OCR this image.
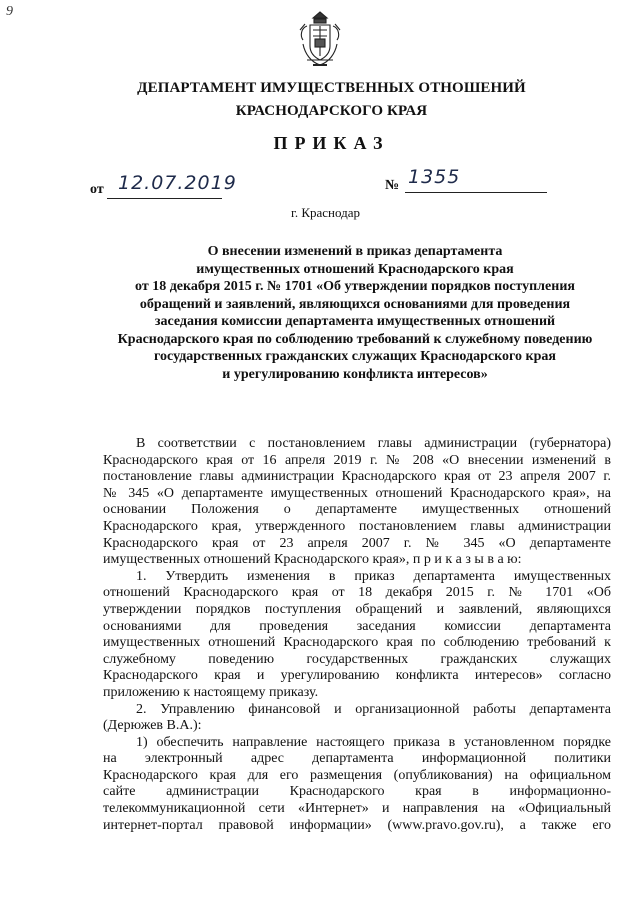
9
ДЕПАРТАМЕНТ ИМУЩЕСТВЕННЫХ ОТНОШЕНИЙ
КРАСНОДАРСКОГО КРАЯ
ПРИКАЗ
от 12.07.2019	№ 1355
г. Краснодар
О внесении изменений в приказ департамента
имущественных отношений Краснодарского края
от 18 декабря 2015 г. № 1701 «Об утверждении порядков поступления
обращений и заявлений, являющихся основаниями для проведения
заседания комиссии департамента имущественных отношений
Краснодарского края по соблюдению требований к служебному поведению
государственных гражданских служащих Краснодарского края
и урегулированию конфликта интересов»
В соответствии с постановлением главы администрации (губернатора)
Краснодарского края от 16 апреля 2019 г. № 208 «О внесении изменений в
постановление главы администрации Краснодарского края от 23 апреля 2007 г.
№ 345 «О департаменте имущественных отношений Краснодарского края», на
основании Положения о департаменте имущественных отношений
Краснодарского края, утвержденного постановлением главы администрации
Краснодарского края от 23 апреля 2007 г. № 345 «О департаменте
имущественных отношений Краснодарского края», п р и к а з ы в а ю:
1. Утвердить изменения в приказ департамента имущественных
отношений Краснодарского края от 18 декабря 2015 г. № 1701 «Об
утверждении порядков поступления обращений и заявлений, являющихся
основаниями для проведения заседания комиссии департамента
имущественных отношений Краснодарского края по соблюдению требований к
служебному поведению государственных гражданских служащих
Краснодарского края и урегулированию конфликта интересов» согласно
приложению к настоящему приказу.
2. Управлению финансовой и организационной работы департамента
(Дерюжев В.А.):
1) обеспечить направление настоящего приказа в установленном порядке
на электронный адрес департамента информационной политики
Краснодарского края для его размещения (опубликования) на официальном
сайте администрации Краснодарского края в информационно-
телекоммуникационной сети «Интернет» и направления на «Официальный
интернет-портал правовой информации» (www.pravo.gov.ru), а также его
